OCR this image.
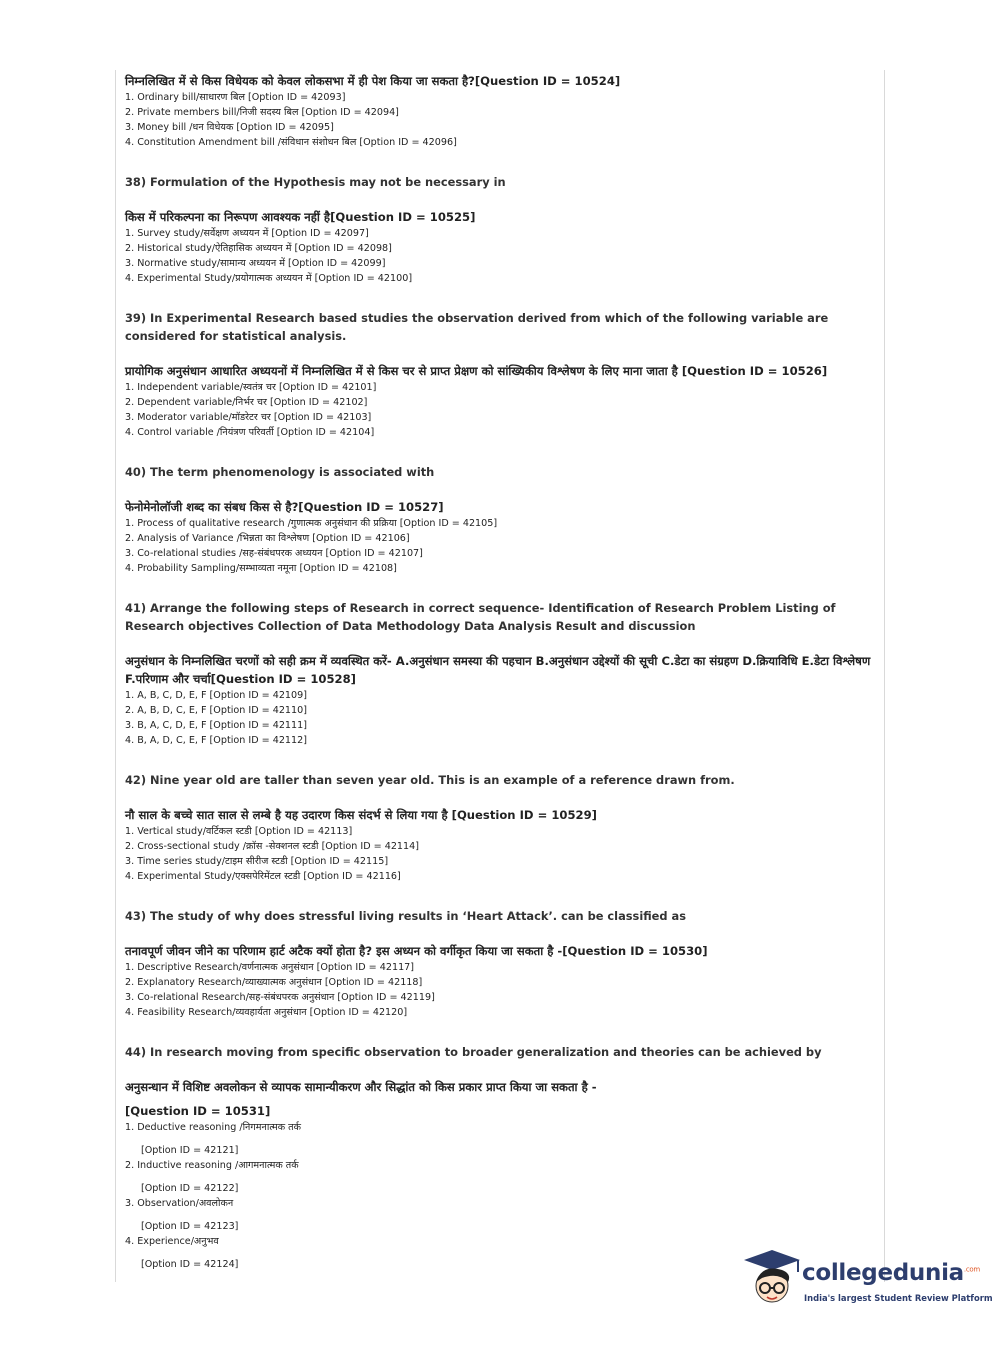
निम्नलिखित में से किस विधेयक को केवल लोकसभा में ही पेश किया जा सकता है?[Question ID = 10524]

1. Ordinary bill/साधारण बिल [Option ID = 42093]
2. Private members bill/निजी सदस्य बिल [Option ID = 42094]
3. Money bill /धन विधेयक [Option ID = 42095]
4. Constitution Amendment bill /संविधान संशोधन बिल [Option ID = 42096]

38) Formulation of the Hypothesis may not be necessary in

किस में परिकल्पना का निरूपण आवश्यक नहीं है[Question ID = 10525]

1. Survey study/सर्वेक्षण अध्ययन में [Option ID = 42097]
2. Historical study/ऐतिहासिक अध्ययन में [Option ID = 42098]
3. Normative study/सामान्य अध्ययन में [Option ID = 42099]
4. Experimental Study/प्रयोगात्मक अध्ययन में [Option ID = 42100]

39) In Experimental Research based studies the observation derived from which of the following variable are considered for statistical analysis.

प्रायोगिक अनुसंधान आधारित अध्ययनों में निम्नलिखित में से किस चर से प्राप्त प्रेक्षण को सांख्यिकीय विश्लेषण के लिए माना जाता है [Question ID = 10526]

1. Independent variable/स्वतंत्र चर [Option ID = 42101]
2. Dependent variable/निर्भर चर [Option ID = 42102]
3. Moderator variable/मॉडरेटर चर [Option ID = 42103]
4. Control variable /नियंत्रण परिवर्ती [Option ID = 42104]

40) The term phenomenology is associated with

फेनोमेनोलॉजी शब्द का संबध किस से है?[Question ID = 10527]

1. Process of qualitative research /गुणात्मक अनुसंधान की प्रक्रिया [Option ID = 42105]
2. Analysis of Variance /भिन्नता का विश्लेषण [Option ID = 42106]
3. Co-relational studies /सह-संबंधपरक अध्ययन [Option ID = 42107]
4. Probability Sampling/सम्भाव्यता नमूना [Option ID = 42108]

41) Arrange the following steps of Research in correct sequence- Identification of Research Problem Listing of Research objectives Collection of Data Methodology Data Analysis Result and discussion

अनुसंधान के निम्नलिखित चरणों को सही क्रम में व्यवस्थित करें- A.अनुसंधान समस्या की पहचान B.अनुसंधान उद्देश्यों की सूची C.डेटा का संग्रहण D.क्रियाविधि E.डेटा विश्लेषण F.परिणाम और चर्चा[Question ID = 10528]

1. A, B, C, D, E, F [Option ID = 42109]
2. A, B, D, C, E, F [Option ID = 42110]
3. B, A, C, D, E, F [Option ID = 42111]
4. B, A, D, C, E, F [Option ID = 42112]

42) Nine year old are taller than seven year old. This is an example of a reference drawn from.

नौ साल के बच्चे सात साल से लम्बे है यह उदारण किस संदर्भ से लिया गया है [Question ID = 10529]

1. Vertical study/वर्टिकल स्टडी [Option ID = 42113]
2. Cross-sectional study /क्रॉस -सेक्शनल स्टडी [Option ID = 42114]
3. Time series study/टाइम सीरीज स्टडी [Option ID = 42115]
4. Experimental Study/एक्सपेरिमेंटल स्टडी [Option ID = 42116]

43) The study of why does stressful living results in ‘Heart Attack’. can be classified as

तनावपूर्ण जीवन जीने का परिणाम हार्ट अटैक क्यों होता है? इस अध्यन को वर्गीकृत किया जा सकता है -[Question ID = 10530]

1. Descriptive Research/वर्णनात्मक अनुसंधान [Option ID = 42117]
2. Explanatory Research/व्याख्यात्मक अनुसंधान [Option ID = 42118]
3. Co-relational Research/सह-संबंधपरक अनुसंधान [Option ID = 42119]
4. Feasibility Research/व्यवहार्यता अनुसंधान [Option ID = 42120]

44) In research moving from specific observation to broader generalization and theories can be achieved by

अनुसन्धान में विशिष्ट अवलोकन से व्यापक सामान्यीकरण और सिद्धांत को किस प्रकार प्राप्त किया जा सकता है -

[Question ID = 10531]

1. Deductive reasoning /निगमनात्मक तर्क
[Option ID = 42121]
2. Inductive reasoning /आगमनात्मक तर्क
[Option ID = 42122]
3. Observation/अवलोकन
[Option ID = 42123]
4. Experience/अनुभव
[Option ID = 42124]	collegedunia$^{.com}$
India's largest Student Review Platform
